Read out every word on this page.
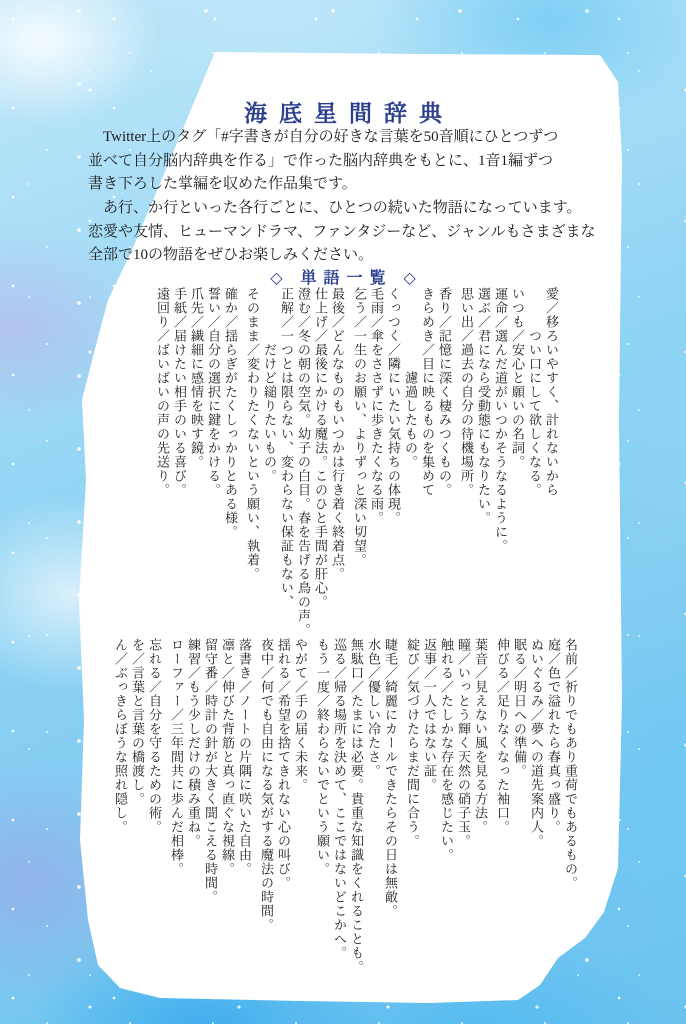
海底星間辞典
　Twitter上のタグ「#字書きが自分の好きな言葉を50音順にひとつずつ
並べて自分脳内辞典を作る」で作った脳内辞典をもとに、1音1編ずつ
書き下ろした掌編を収めた作品集です。
　あ行、か行といった各行ごとに、ひとつの続いた物語になっています。
恋愛や友情、ヒューマンドラマ、ファンタジーなど、ジャンルもさまざまな
全部で10の物語をぜひお楽しみください。
◇ 単語一覧 ◇

愛／移ろいやすく、計れないから

つい口にして欲しくなる。

いつも／安心と願いの名詞。

運命／選んだ道がいつかそうなるように。

選ぶ／君になら受動態にもなりたい。

思い出／過去の自分の待機場所。

香り／記憶に深く棲みつくもの。

きらめき／目に映るものを集めて

濾過したもの。

くっつく／隣にいたい気持ちの体現。

毛雨／傘をささずに歩きたくなる雨。

乞う／一生のお願い、よりずっと深い切望。

最後／どんなものもいつかは行き着く終着点。

仕上げ／最後にかける魔法。このひと手間が肝心。

澄む／冬の朝の空気。幼子の白目。春を告げる鳥の声。

正解／一つとは限らない、変わらない保証もない、

だけど縋りたいもの。

そのまま／変わりたくないという願い、執着。

確か／揺らぎがたくしっかりとある様。

誓い／自分の選択に鍵をかける。

爪先／繊細に感情を映す鏡。

手紙／届けたい相手のいる喜び。

遠回り／ばいばいの声の先送り。

名前／祈りでもあり重荷でもあるもの。

庭／色で溢れたら春真っ盛り。

ぬいぐるみ／夢への道先案内人。

眠る／明日への準備。

伸びる／足りなくなった袖口。

葉音／見えない風を見る方法。

瞳／いっとう輝く天然の硝子玉。

触れる／たしかな存在を感じたい。

返事／一人ではない証。

綻び／気づけたらまだ間に合う。

睫毛／綺麗にカールできたらその日は無敵。

水色／優しい冷たさ。

無駄口／たまには必要。貴重な知識をくれることも。

巡る／帰る場所を決めて、ここではないどこかへ。

もう一度／終わらないでという願い。

やがて／手の届く未来。

揺れる／希望を捨てきれない心の叫び。

夜中／何でも自由になる気がする魔法の時間。

落書き／ノートの片隅に咲いた自由。

凛と／伸びた背筋と真っ直ぐな視線。

留守番／時計の針が大きく聞こえる時間。

練習／もう少しだけの積み重ね。

ローファー／三年間共に歩んだ相棒。

忘れる／自分を守るための術。

を／言葉と言葉の橋渡し。

ん／ぶっきらぼうな照れ隠し。
